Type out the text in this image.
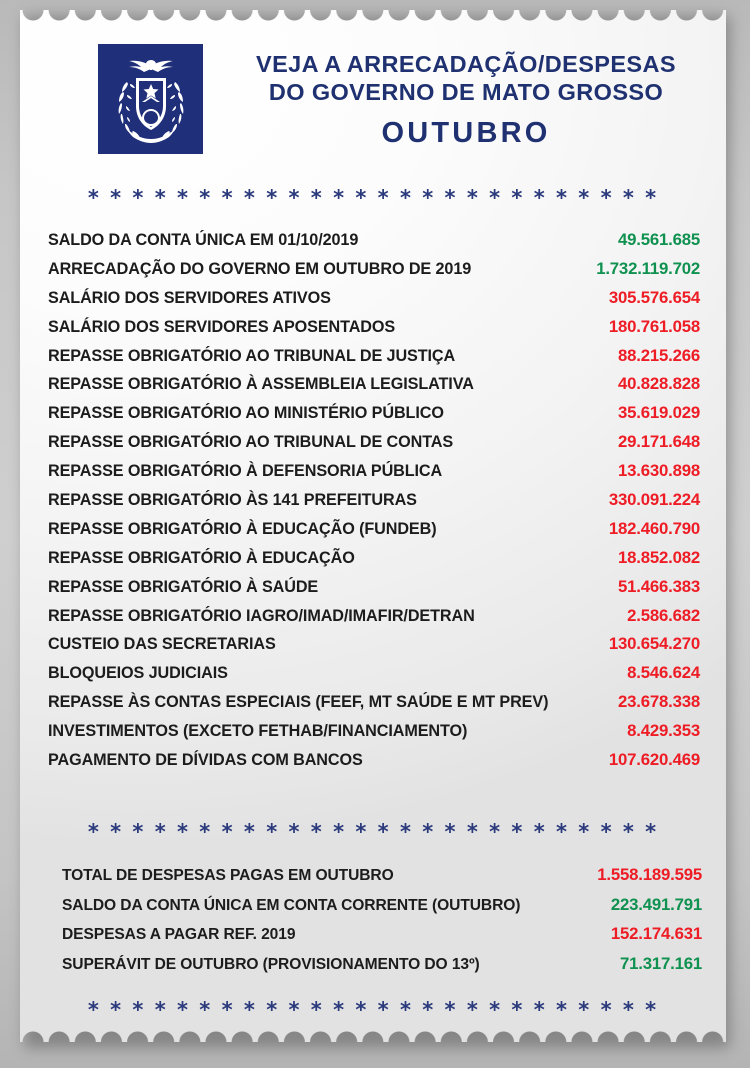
VEJA A ARRECADAÇÃO/DESPESAS
DO GOVERNO DE MATO GROSSO
OUTUBRO
* * * * * * * * * * * * * * * * * * * * * * * * * *
SALDO DA CONTA ÚNICA EM 01/10/2019	49.561.685
ARRECADAÇÃO DO GOVERNO EM OUTUBRO DE 2019	1.732.119.702
SALÁRIO DOS SERVIDORES ATIVOS	305.576.654
SALÁRIO DOS SERVIDORES APOSENTADOS	180.761.058
REPASSE OBRIGATÓRIO AO TRIBUNAL DE JUSTIÇA	88.215.266
REPASSE OBRIGATÓRIO À ASSEMBLEIA LEGISLATIVA	40.828.828
REPASSE OBRIGATÓRIO AO MINISTÉRIO PÚBLICO	35.619.029
REPASSE OBRIGATÓRIO AO TRIBUNAL DE CONTAS	29.171.648
REPASSE OBRIGATÓRIO À DEFENSORIA PÚBLICA	13.630.898
REPASSE OBRIGATÓRIO ÀS 141 PREFEITURAS	330.091.224
REPASSE OBRIGATÓRIO À EDUCAÇÃO (FUNDEB)	182.460.790
REPASSE OBRIGATÓRIO À EDUCAÇÃO	18.852.082
REPASSE OBRIGATÓRIO À SAÚDE	51.466.383
REPASSE OBRIGATÓRIO IAGRO/IMAD/IMAFIR/DETRAN	2.586.682
CUSTEIO DAS SECRETARIAS	130.654.270
BLOQUEIOS JUDICIAIS	8.546.624
REPASSE ÀS CONTAS ESPECIAIS (FEEF, MT SAÚDE E MT PREV)	23.678.338
INVESTIMENTOS (EXCETO FETHAB/FINANCIAMENTO)	8.429.353
PAGAMENTO DE DÍVIDAS COM BANCOS	107.620.469
* * * * * * * * * * * * * * * * * * * * * * * * * *
TOTAL DE DESPESAS PAGAS EM OUTUBRO	1.558.189.595
SALDO DA CONTA ÚNICA EM CONTA CORRENTE (OUTUBRO)	223.491.791
DESPESAS A PAGAR REF. 2019	152.174.631
SUPERÁVIT DE OUTUBRO (PROVISIONAMENTO DO 13º)	71.317.161
* * * * * * * * * * * * * * * * * * * * * * * * * *
